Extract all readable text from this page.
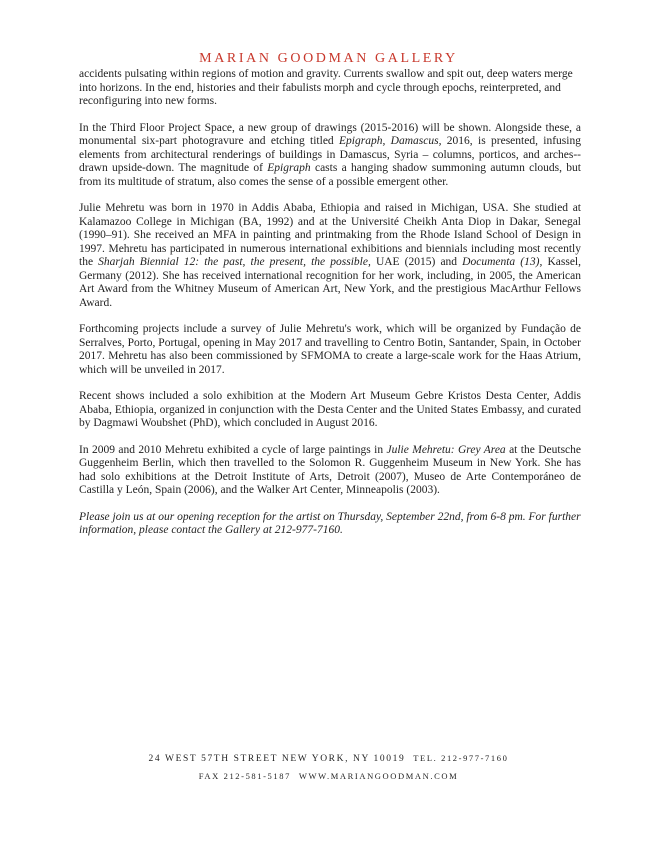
MARIAN GOODMAN GALLERY

accidents pulsating within regions of motion and gravity. Currents swallow and spit out, deep waters merge into horizons. In the end, histories and their fabulists morph and cycle through epochs, reinterpreted, and reconfiguring into new forms.

In the Third Floor Project Space, a new group of drawings (2015-2016) will be shown. Alongside these, a monumental six-part photogravure and etching titled Epigraph, Damascus, 2016, is presented, infusing elements from architectural renderings of buildings in Damascus, Syria – columns, porticos, and arches-- drawn upside-down. The magnitude of Epigraph casts a hanging shadow summoning autumn clouds, but from its multitude of stratum, also comes the sense of a possible emergent other.

Julie Mehretu was born in 1970 in Addis Ababa, Ethiopia and raised in Michigan, USA. She studied at Kalamazoo College in Michigan (BA, 1992) and at the Université Cheikh Anta Diop in Dakar, Senegal (1990–91). She received an MFA in painting and printmaking from the Rhode Island School of Design in 1997. Mehretu has participated in numerous international exhibitions and biennials including most recently the Sharjah Biennial 12: the past, the present, the possible, UAE (2015) and Documenta (13), Kassel, Germany (2012). She has received international recognition for her work, including, in 2005, the American Art Award from the Whitney Museum of American Art, New York, and the prestigious MacArthur Fellows Award.

Forthcoming projects include a survey of Julie Mehretu's work, which will be organized by Fundação de Serralves, Porto, Portugal, opening in May 2017 and travelling to Centro Botin, Santander, Spain, in October 2017. Mehretu has also been commissioned by SFMOMA to create a large-scale work for the Haas Atrium, which will be unveiled in 2017.

Recent shows included a solo exhibition at the Modern Art Museum Gebre Kristos Desta Center, Addis Ababa, Ethiopia, organized in conjunction with the Desta Center and the United States Embassy, and curated by Dagmawi Woubshet (PhD), which concluded in August 2016.

In 2009 and 2010 Mehretu exhibited a cycle of large paintings in Julie Mehretu: Grey Area at the Deutsche Guggenheim Berlin, which then travelled to the Solomon R. Guggenheim Museum in New York. She has had solo exhibitions at the Detroit Institute of Arts, Detroit (2007), Museo de Arte Contemporáneo de Castilla y León, Spain (2006), and the Walker Art Center, Minneapolis (2003).

Please join us at our opening reception for the artist on Thursday, September 22nd, from 6-8 pm. For further information, please contact the Gallery at 212-977-7160.

24 WEST 57TH STREET NEW YORK, NY 10019 TEL. 212-977-7160
FAX 212-581-5187 WWW.MARIANGOODMAN.COM
